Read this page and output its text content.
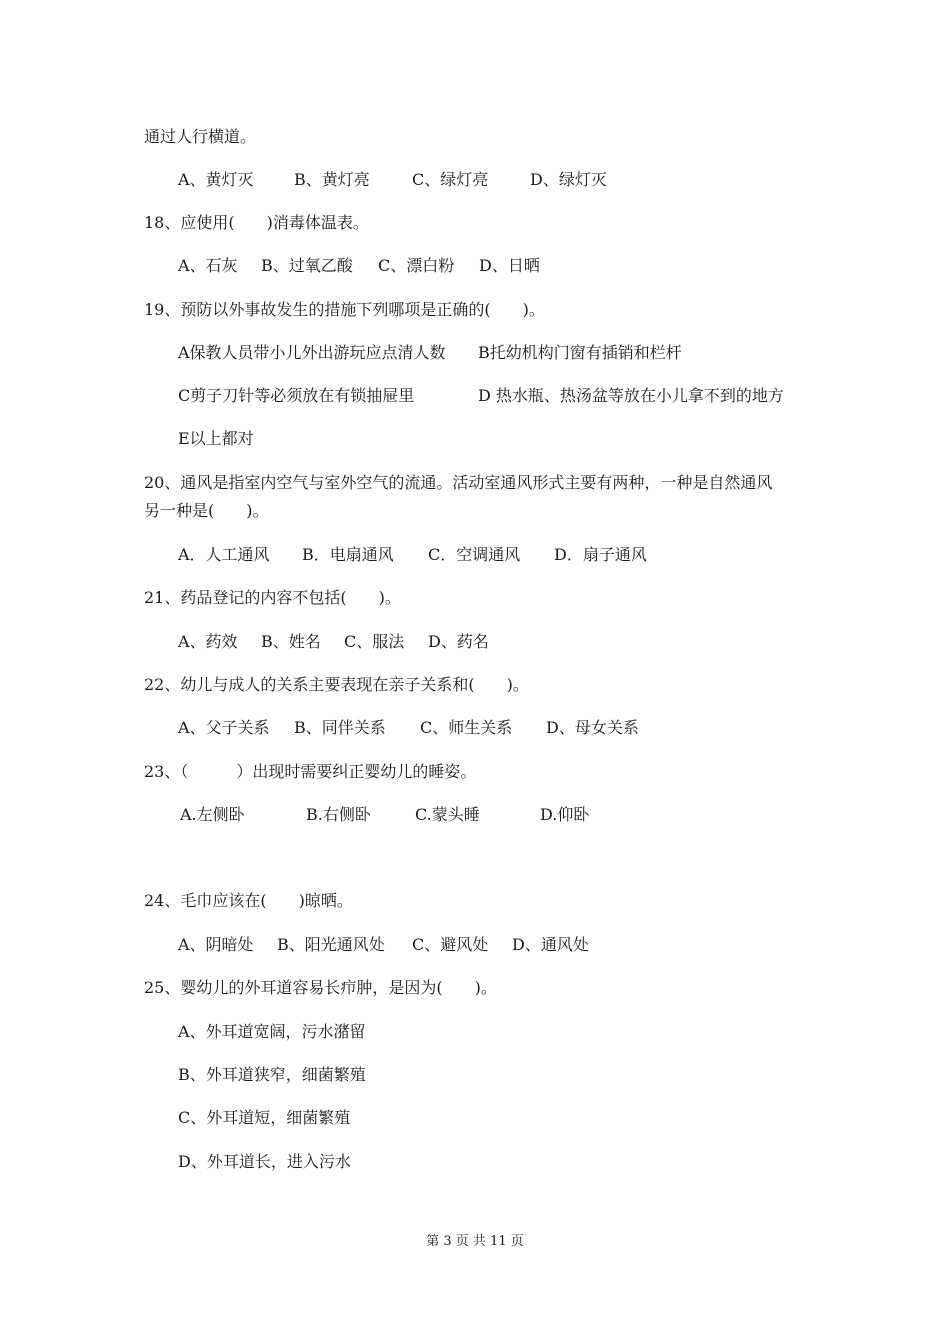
通过人行横道。
A、黄灯灭	B、黄灯亮	C、绿灯亮	D、绿灯灭
18、应使用(　　)消毒体温表。
A、石灰 B、过氧乙酸 C、漂白粉 D、日晒
19、预防以外事故发生的措施下列哪项是正确的(　　)。
A保教人员带小儿外出游玩应点清人数 B托幼机构门窗有插销和栏杆
C剪子刀针等必须放在有锁抽屉里	D 热水瓶、热汤盆等放在小儿拿不到的地方
E以上都对
20、通风是指室内空气与室外空气的流通。活动室通风形式主要有两种，一种是自然通风
另一种是(　　)。
A．人工通风 B．电扇通风 C．空调通风 D．扇子通风
21、药品登记的内容不包括(　　)。
A、药效 B、姓名 C、服法 D、药名
22、幼儿与成人的关系主要表现在亲子关系和(　　)。
A、父子关系 B、同伴关系 C、师生关系 D、母女关系
23、（　　　）出现时需要纠正婴幼儿的睡姿。
A.左侧卧	B.右侧卧	C.蒙头睡	D.仰卧
24、毛巾应该在(　　)晾晒。
A、阴暗处 B、阳光通风处 C、避风处 D、通风处
25、婴幼儿的外耳道容易长疖肿，是因为(　　)。
A、外耳道宽阔，污水潴留
B、外耳道狭窄，细菌繁殖
C、外耳道短，细菌繁殖
D、外耳道长，进入污水
第 3 页 共 11 页
